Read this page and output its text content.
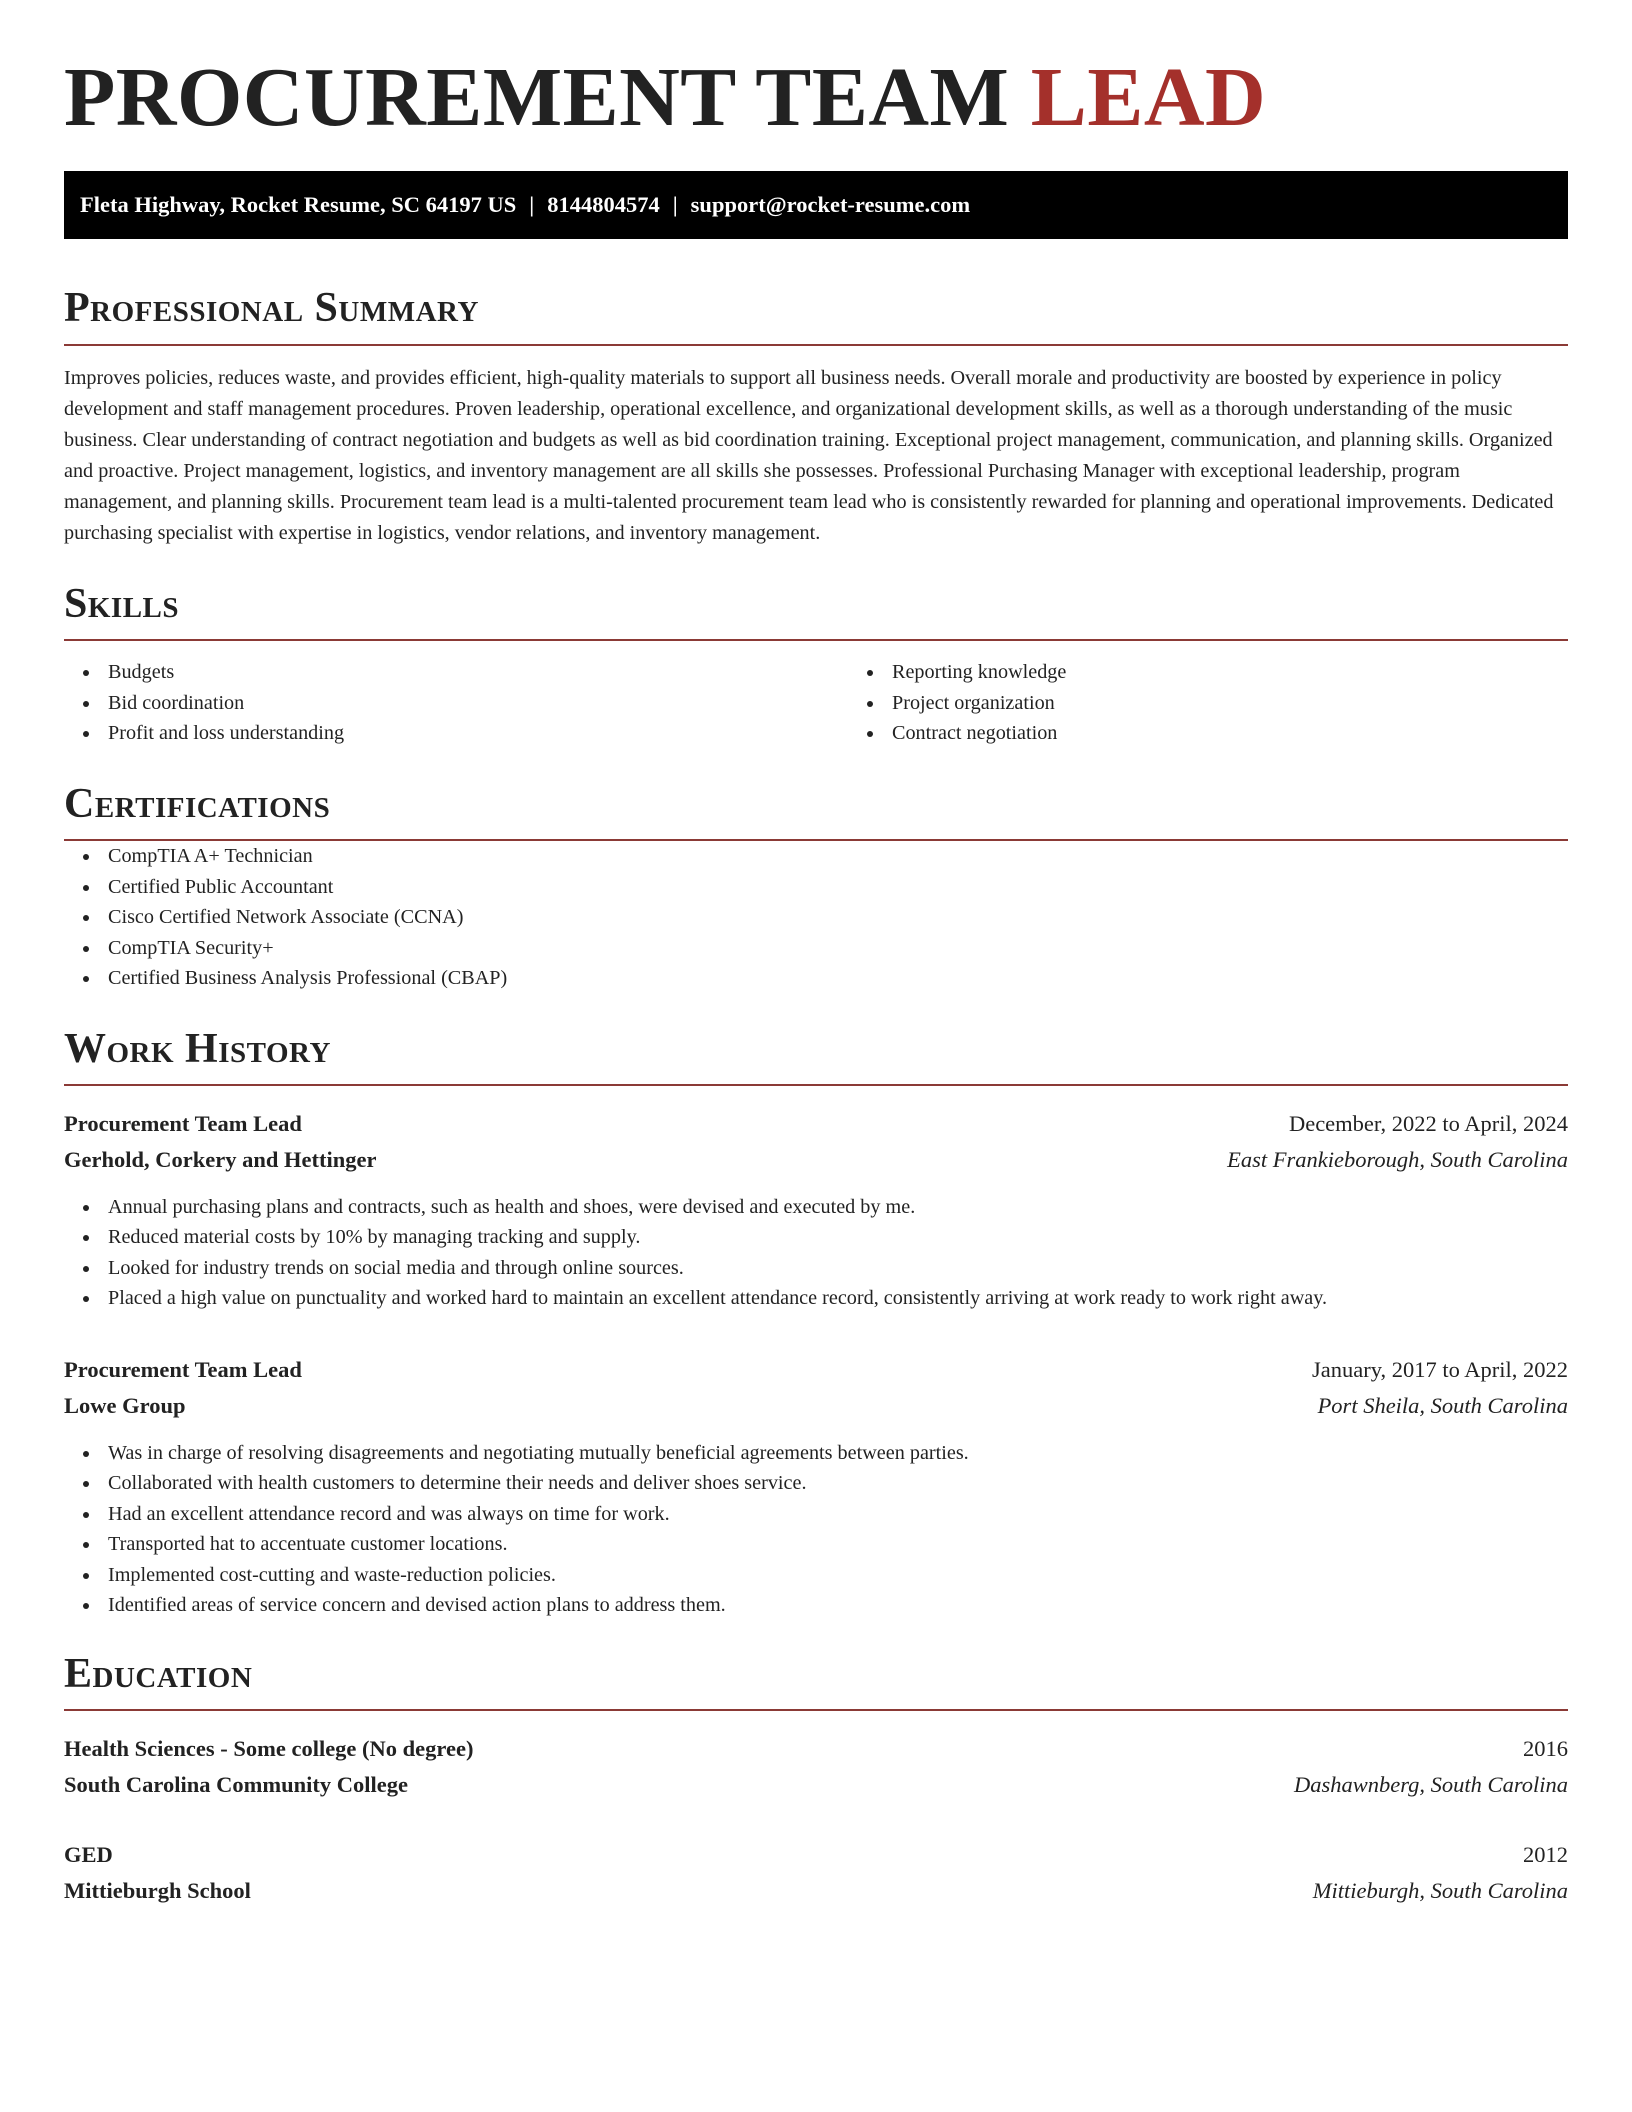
PROCUREMENT TEAM LEAD
Fleta Highway, Rocket Resume, SC 64197 US | 8144804574 | support@rocket-resume.com
Professional Summary

Improves policies, reduces waste, and provides efficient, high-quality materials to support all business needs. Overall morale and productivity are boosted by experience in policy development and staff management procedures. Proven leadership, operational excellence, and organizational development skills, as well as a thorough understanding of the music business. Clear understanding of contract negotiation and budgets as well as bid coordination training. Exceptional project management, communication, and planning skills. Organized and proactive. Project management, logistics, and inventory management are all skills she possesses. Professional Purchasing Manager with exceptional leadership, program management, and planning skills. Procurement team lead is a multi-talented procurement team lead who is consistently rewarded for planning and operational improvements. Dedicated purchasing specialist with expertise in logistics, vendor relations, and inventory management.

Skills
Budgets
Bid coordination
Profit and loss understanding
Reporting knowledge
Project organization
Contract negotiation
Certifications
CompTIA A+ Technician
Certified Public Accountant
Cisco Certified Network Associate (CCNA)
CompTIA Security+
Certified Business Analysis Professional (CBAP)
Work History
Procurement Team Lead	December, 2022 to April, 2024
Gerhold, Corkery and Hettinger	East Frankieborough, South Carolina
Annual purchasing plans and contracts, such as health and shoes, were devised and executed by me.
Reduced material costs by 10% by managing tracking and supply.
Looked for industry trends on social media and through online sources.
Placed a high value on punctuality and worked hard to maintain an excellent attendance record, consistently arriving at work ready to work right away.
Procurement Team Lead	January, 2017 to April, 2022
Lowe Group	Port Sheila, South Carolina
Was in charge of resolving disagreements and negotiating mutually beneficial agreements between parties.
Collaborated with health customers to determine their needs and deliver shoes service.
Had an excellent attendance record and was always on time for work.
Transported hat to accentuate customer locations.
Implemented cost-cutting and waste-reduction policies.
Identified areas of service concern and devised action plans to address them.
Education
Health Sciences - Some college (No degree)	2016
South Carolina Community College	Dashawnberg, South Carolina
GED	2012
Mittieburgh School	Mittieburgh, South Carolina
